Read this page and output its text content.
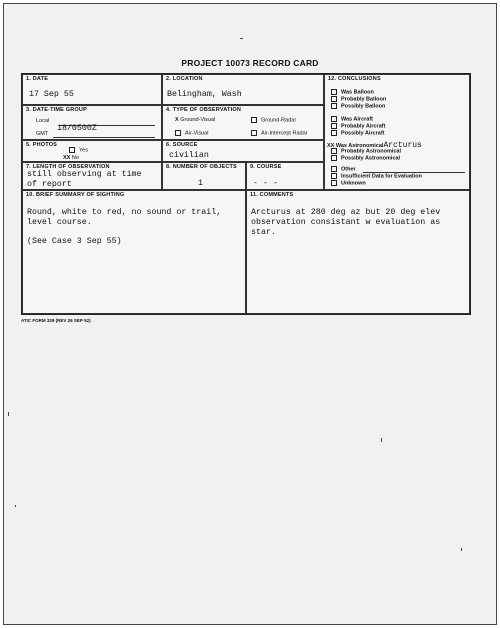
PROJECT 10073 RECORD CARD
1. DATE
17 Sep 55
2. LOCATION
Belingham, Wash
3. DATE-TIME GROUP
Local
GMT
18/0500Z
4. TYPE OF OBSERVATION
X Ground-Visual	Ground-Radar
Air-Visual	Air-Intercept Radar
5. PHOTOS
Yes
XX No
6. SOURCE
civilian
7. LENGTH OF OBSERVATION
still observing at time
of report
8. NUMBER OF OBJECTS
1
9. COURSE
- - -
12. CONCLUSIONS
Was Balloon
Probably Balloon
Possibly Balloon
Was Aircraft
Probably Aircraft
Possibly Aircraft
XX Was AstronomicalArcturus
Probably Astronomical
Possibly Astronomical
Other
Insufficient Data for Evaluation
Unknown
10. BRIEF SUMMARY OF SIGHTING
Round, white to red, no sound or trail,
level course.
(See Case 3 Sep 55)
11. COMMENTS
Arcturus at 280 deg az but 20 deg elev
observation consistant w evaluation as
star.
ATIC FORM 329 (REV 26 SEP 52)
